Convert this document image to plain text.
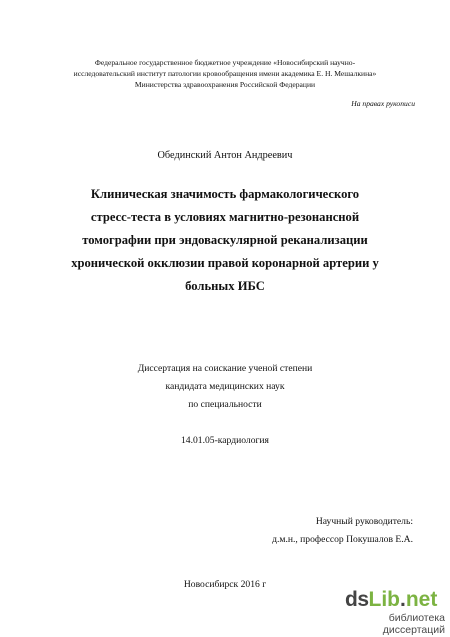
Федеральное государственное бюджетное учреждение «Новосибирский научно-
исследовательский институт патологии кровообращения имени академика Е. Н. Мешалкина»
Министерства здравоохранения Российской Федерации
На правах рукописи
Обединский Антон Андреевич
Клиническая значимость фармакологического
стресс-теста в условиях магнитно-резонансной
томографии при эндоваскулярной реканализации
хронической окклюзии правой коронарной артерии у
больных ИБС
Диссертация на соискание ученой степени
кандидата медицинских наук
по специальности
14.01.05-кардиология
Научный руководитель:
д.м.н., профессор Покушалов Е.А.
Новосибирск 2016 г
ds Lib . net
библиотека диссертаций
